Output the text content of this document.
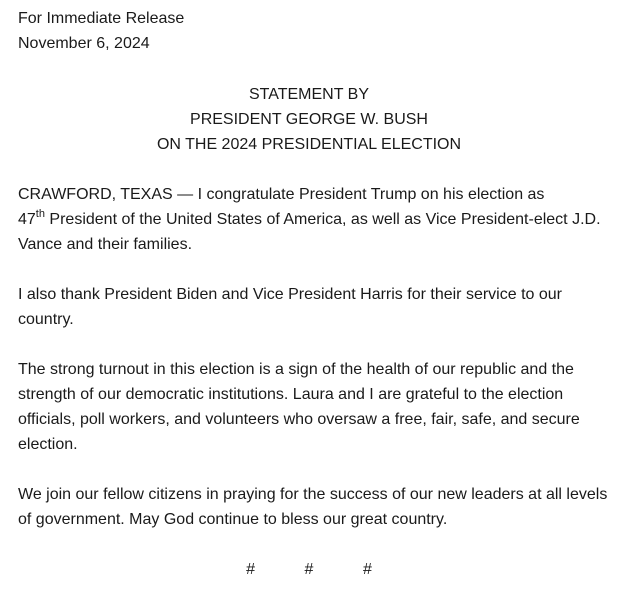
For Immediate Release

November 6, 2024

STATEMENT BY

PRESIDENT GEORGE W. BUSH

ON THE 2024 PRESIDENTIAL ELECTION

CRAWFORD, TEXAS — I congratulate President Trump on his election as
47th President of the United States of America, as well as Vice President-elect J.D. Vance and their families.

I also thank President Biden and Vice President Harris for their service to our country.

The strong turnout in this election is a sign of the health of our republic and the strength of our democratic institutions. Laura and I are grateful to the election officials, poll workers, and volunteers who oversaw a free, fair, safe, and secure election.

We join our fellow citizens in praying for the success of our new leaders at all levels of government. May God continue to bless our great country.

#	#	#
